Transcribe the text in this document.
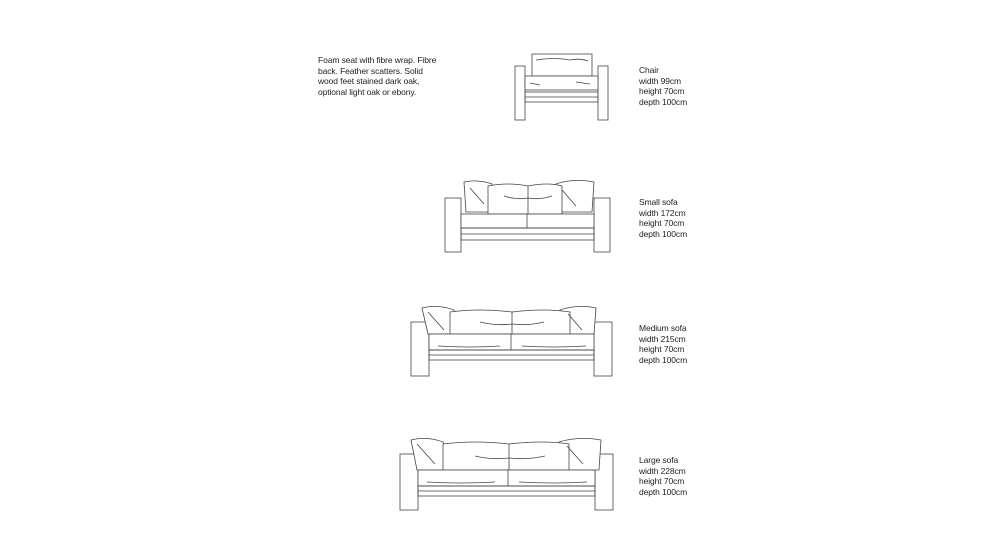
Foam seat with fibre wrap. Fibre
back. Feather scatters. Solid
wood feet stained dark oak,
optional light oak or ebony.
Chair
width 99cm
height 70cm
depth 100cm
Small sofa
width 172cm
height 70cm
depth 100cm
Medium sofa
width 215cm
height 70cm
depth 100cm
Large sofa
width 228cm
height 70cm
depth 100cm
